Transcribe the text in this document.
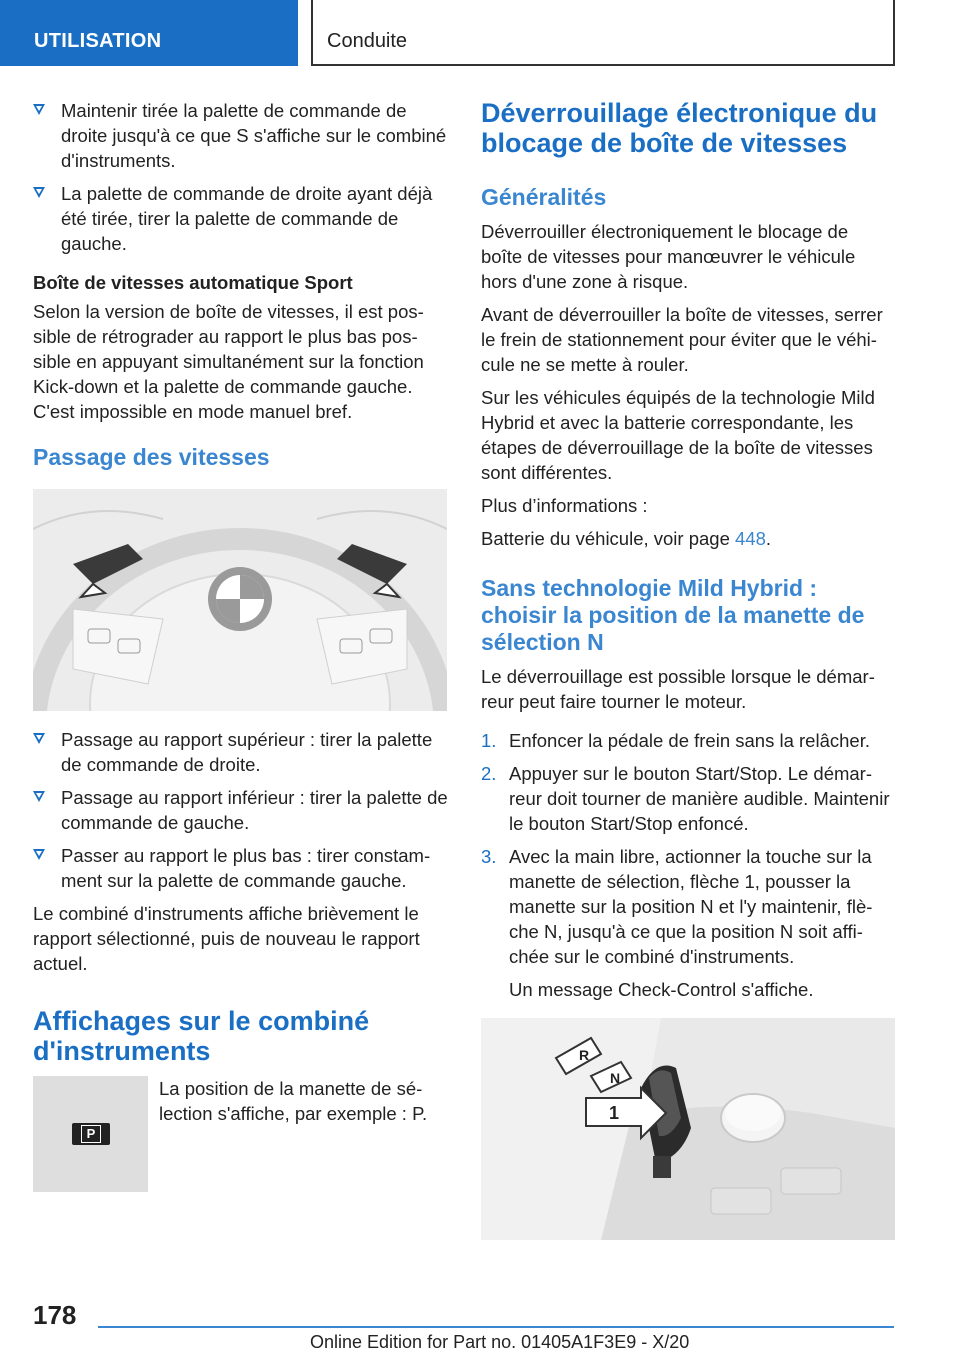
UTILISATION	Conduite
Maintenir tirée la palette de commande de droite jusqu'à ce que S s'affiche sur le combiné d'instruments.
La palette de commande de droite ayant déjà été tirée, tirer la palette de commande de gauche.
Boîte de vitesses automatique Sport

Selon la version de boîte de vitesses, il est possible de rétrograder au rapport le plus bas possible en appuyant simultanément sur la fonction Kick-down et la palette de commande gauche. C'est impossible en mode manuel bref.

Passage des vitesses
Passage au rapport supérieur : tirer la palette de commande de droite.
Passage au rapport inférieur : tirer la palette de commande de gauche.
Passer au rapport le plus bas : tirer constamment sur la palette de commande gauche.

Le combiné d'instruments affiche brièvement le rapport sélectionné, puis de nouveau le rapport actuel.

Affichages sur le combiné d'instruments
P
La position de la manette de sélection s'affiche, par exemple : P.
Déverrouillage électronique du blocage de boîte de vitesses
Généralités

Déverrouiller électroniquement le blocage de boîte de vitesses pour manœuvrer le véhicule hors d'une zone à risque.

Avant de déverrouiller la boîte de vitesses, serrer le frein de stationnement pour éviter que le véhicule ne se mette à rouler.

Sur les véhicules équipés de la technologie Mild Hybrid et avec la batterie correspondante, les étapes de déverrouillage de la boîte de vitesses sont différentes.

Plus d’informations :

Batterie du véhicule, voir page 448.

Sans technologie Mild Hybrid : choisir la position de la manette de sélection N

Le déverrouillage est possible lorsque le démarreur peut faire tourner le moteur.

1. Enfoncer la pédale de frein sans la relâcher.
2. Appuyer sur le bouton Start/Stop. Le démarreur doit tourner de manière audible. Maintenir le bouton Start/Stop enfoncé.
3. Avec la main libre, actionner la touche sur la manette de sélection, flèche 1, pousser la manette sur la position N et l'y maintenir, flèche N, jusqu'à ce que la position N soit affichée sur le combiné d'instruments.
Un message Check-Control s'affiche.
R
N
1
178
Online Edition for Part no. 01405A1F3E9 - X/20
